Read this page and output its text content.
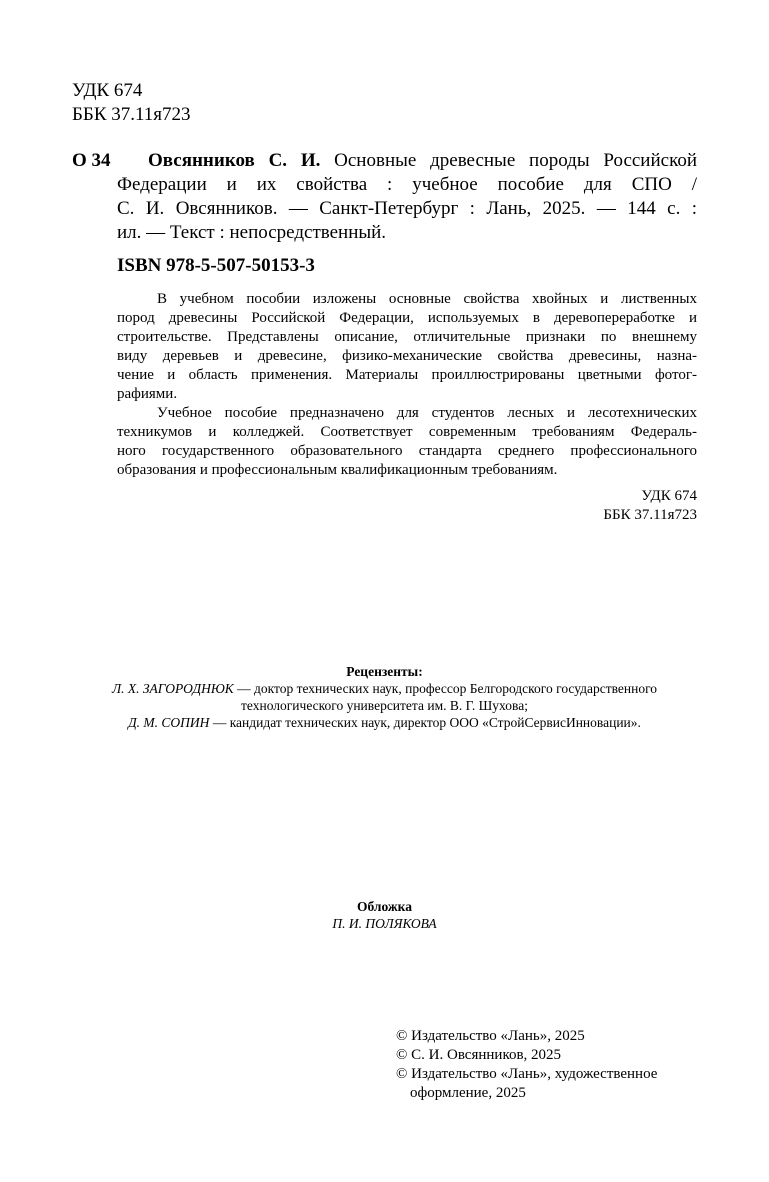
УДК 674
ББК 37.11я723
О 34 Овсянников С. И. Основные древесные породы Российской
Федерации и их свойства : учебное пособие для СПО /
С. И. Овсянников. — Санкт-Петербург : Лань, 2025. — 144 с. :
ил. — Текст : непосредственный.
ISBN 978-5-507-50153-3
В учебном пособии изложены основные свойства хвойных и лиственных
пород древесины Российской Федерации, используемых в деревопереработке и
строительстве. Представлены описание, отличительные признаки по внешнему
виду деревьев и древесине, физико-механические свойства древесины, назна-
чение и область применения. Материалы проиллюстрированы цветными фотог-
рафиями.
Учебное пособие предназначено для студентов лесных и лесотехнических
техникумов и колледжей. Соответствует современным требованиям Федераль-
ного государственного образовательного стандарта среднего профессионального
образования и профессиональным квалификационным требованиям.
УДК 674
ББК 37.11я723
Рецензенты:
Л. Х. ЗАГОРОДНЮК — доктор технических наук, профессор Белгородского государственного
технологического университета им. В. Г. Шухова;
Д. М. СОПИН — кандидат технических наук, директор ООО «СтройСервисИнновации».
Обложка
П. И. ПОЛЯКОВА
© Издательство «Лань», 2025
© С. И. Овсянников, 2025
© Издательство «Лань», художественное
оформление, 2025
